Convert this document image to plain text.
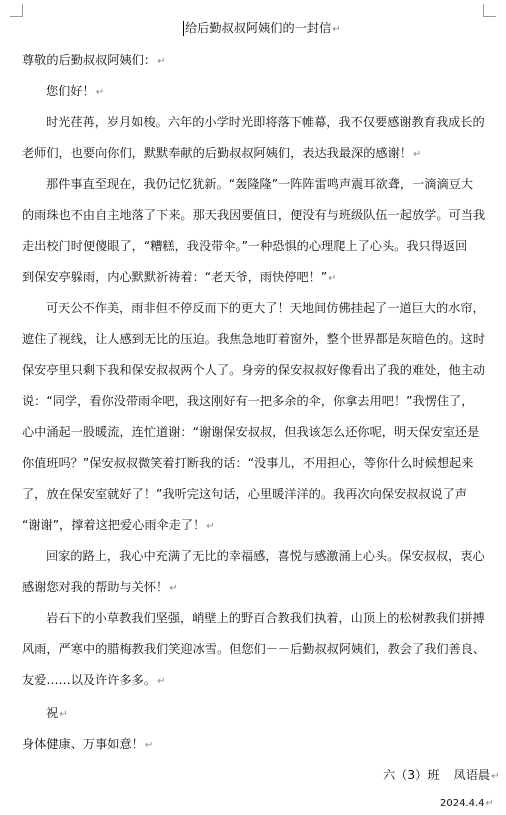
给后勤叔叔阿姨们的一封信↵
尊敬的后勤叔叔阿姨们：↵
您们好！↵
时光荏苒，岁月如梭。六年的小学时光即将落下帷幕，我不仅要感谢教育我成长的
老师们，也要向你们，默默奉献的后勤叔叔阿姨们，表达我最深的感谢！↵
那件事直至现在，我仍记忆犹新。“轰隆隆”一阵阵雷鸣声震耳欲聋，一滴滴豆大
的雨珠也不由自主地落了下来。那天我因要值日，便没有与班级队伍一起放学。可当我
走出校门时便傻眼了，“糟糕，我没带伞。”一种恐惧的心理爬上了心头。我只得返回
到保安亭躲雨，内心默默祈祷着：“老天爷，雨快停吧！”↵
可天公不作美，雨非但不停反而下的更大了！天地间仿佛挂起了一道巨大的水帘，
遮住了视线，让人感到无比的压迫。我焦急地盯着窗外，整个世界都是灰暗色的。这时
保安亭里只剩下我和保安叔叔两个人了。身旁的保安叔叔好像看出了我的难处，他主动
说：“同学，看你没带雨伞吧，我这刚好有一把多余的伞，你拿去用吧！”我愣住了，
心中涌起一股暖流，连忙道谢：“谢谢保安叔叔，但我该怎么还你呢，明天保安室还是
你值班吗？”保安叔叔微笑着打断我的话：“没事儿，不用担心，等你什么时候想起来
了，放在保安室就好了！”我听完这句话，心里暖洋洋的。我再次向保安叔叔说了声
“谢谢”，撑着这把爱心雨伞走了！↵
回家的路上，我心中充满了无比的幸福感，喜悦与感激涌上心头。保安叔叔，衷心
感谢您对我的帮助与关怀！↵
岩石下的小草教我们坚强，峭壁上的野百合教我们执着，山顶上的松树教我们拼搏
风雨，严寒中的腊梅教我们笑迎冰雪。但您们－－后勤叔叔阿姨们，教会了我们善良、
友爱……以及许许多多。↵
祝↵
身体健康、万事如意！↵
六（3）班 凤语晨↵
2024.4.4↵
